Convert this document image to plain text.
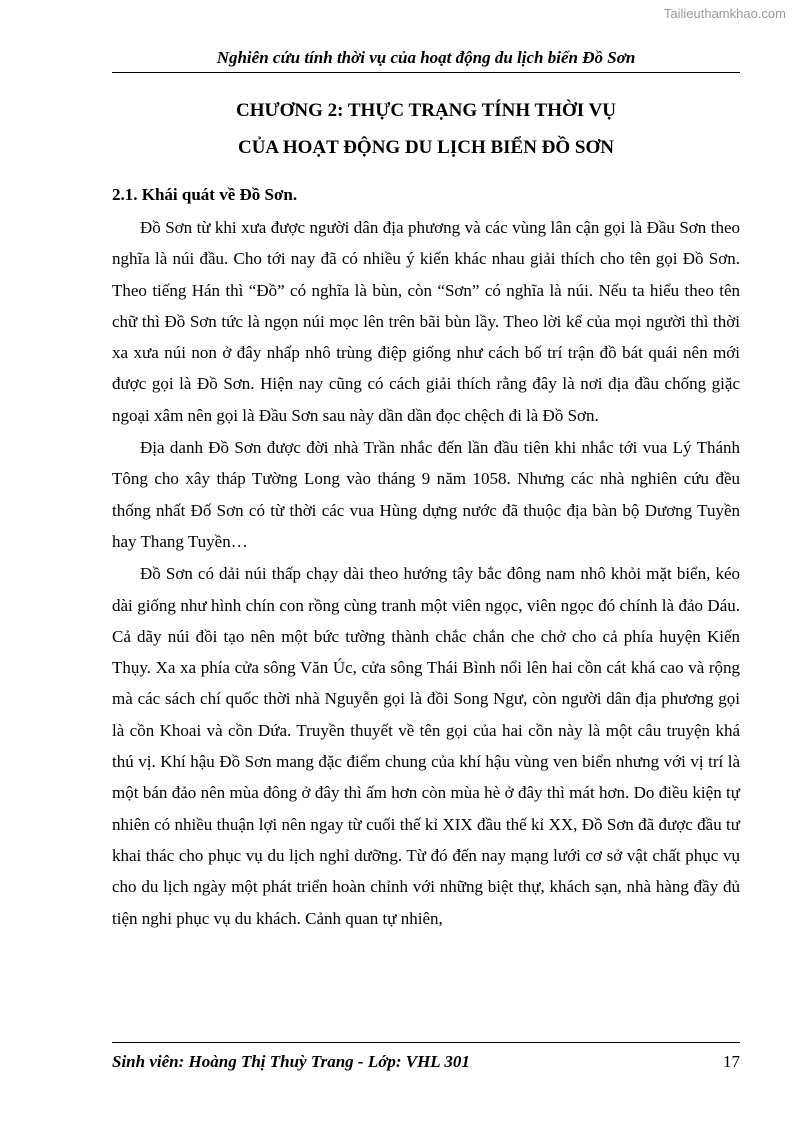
Tailieuthamkhao.com
Nghiên cứu tính thời vụ của hoạt động du lịch biển Đồ Sơn
CHƯƠNG 2: THỰC TRẠNG TÍNH THỜI VỤ
CỦA HOẠT ĐỘNG DU LỊCH BIỂN ĐỒ SƠN
2.1. Khái quát về Đồ Sơn.

Đồ Sơn từ khi xưa được người dân địa phương và các vùng lân cận gọi là Đầu Sơn theo nghĩa là núi đầu. Cho tới nay đã có nhiều ý kiến khác nhau giải thích cho tên gọi Đồ Sơn. Theo tiếng Hán thì “Đồ” có nghĩa là bùn, còn “Sơn” có nghĩa là núi. Nếu ta hiểu theo tên chữ thì Đồ Sơn tức là ngọn núi mọc lên trên bãi bùn lầy. Theo lời kể của mọi người thì thời xa xưa núi non ở đây nhấp nhô trùng điệp giống như cách bố trí trận đồ bát quái nên mới được gọi là Đồ Sơn. Hiện nay cũng có cách giải thích rằng đây là nơi địa đầu chống giặc ngoại xâm nên gọi là Đầu Sơn sau này dần dần đọc chệch đi là Đồ Sơn.

Địa danh Đồ Sơn được đời nhà Trần nhắc đến lần đầu tiên khi nhắc tới vua Lý Thánh Tông cho xây tháp Tường Long vào tháng 9 năm 1058. Nhưng các nhà nghiên cứu đều thống nhất Đố Sơn có từ thời các vua Hùng dựng nước đã thuộc địa bàn bộ Dương Tuyền hay Thang Tuyền…

Đồ Sơn có dải núi thấp chạy dài theo hướng tây bắc đông nam nhô khỏi mặt biển, kéo dài giống như hình chín con rồng cùng tranh một viên ngọc, viên ngọc đó chính là đảo Dáu. Cả dãy núi đồi tạo nên một bức tường thành chắc chắn che chở cho cả phía huyện Kiến Thụy. Xa xa phía cửa sông Văn Úc, cửa sông Thái Bình nổi lên hai cồn cát khá cao và rộng mà các sách chí quốc thời nhà Nguyễn gọi là đồi Song Ngư, còn người dân địa phương gọi là cồn Khoai và cồn Dứa. Truyền thuyết về tên gọi của hai cồn này là một câu truyện khá thú vị. Khí hậu Đồ Sơn mang đặc điểm chung của khí hậu vùng ven biển nhưng với vị trí là một bán đảo nên mùa đông ở đây thì ấm hơn còn mùa hè ở đây thì mát hơn. Do điều kiện tự nhiên có nhiều thuận lợi nên ngay từ cuối thế kỉ XIX đầu thế kỉ XX, Đồ Sơn đã được đầu tư khai thác cho phục vụ du lịch nghỉ dưỡng. Từ đó đến nay mạng lưới cơ sở vật chất phục vụ cho du lịch ngày một phát triển hoàn chỉnh với những biệt thự, khách sạn, nhà hàng đầy đủ tiện nghi phục vụ du khách. Cảnh quan tự nhiên,

Sinh viên: Hoàng Thị Thuỳ Trang - Lớp: VHL 301	17
